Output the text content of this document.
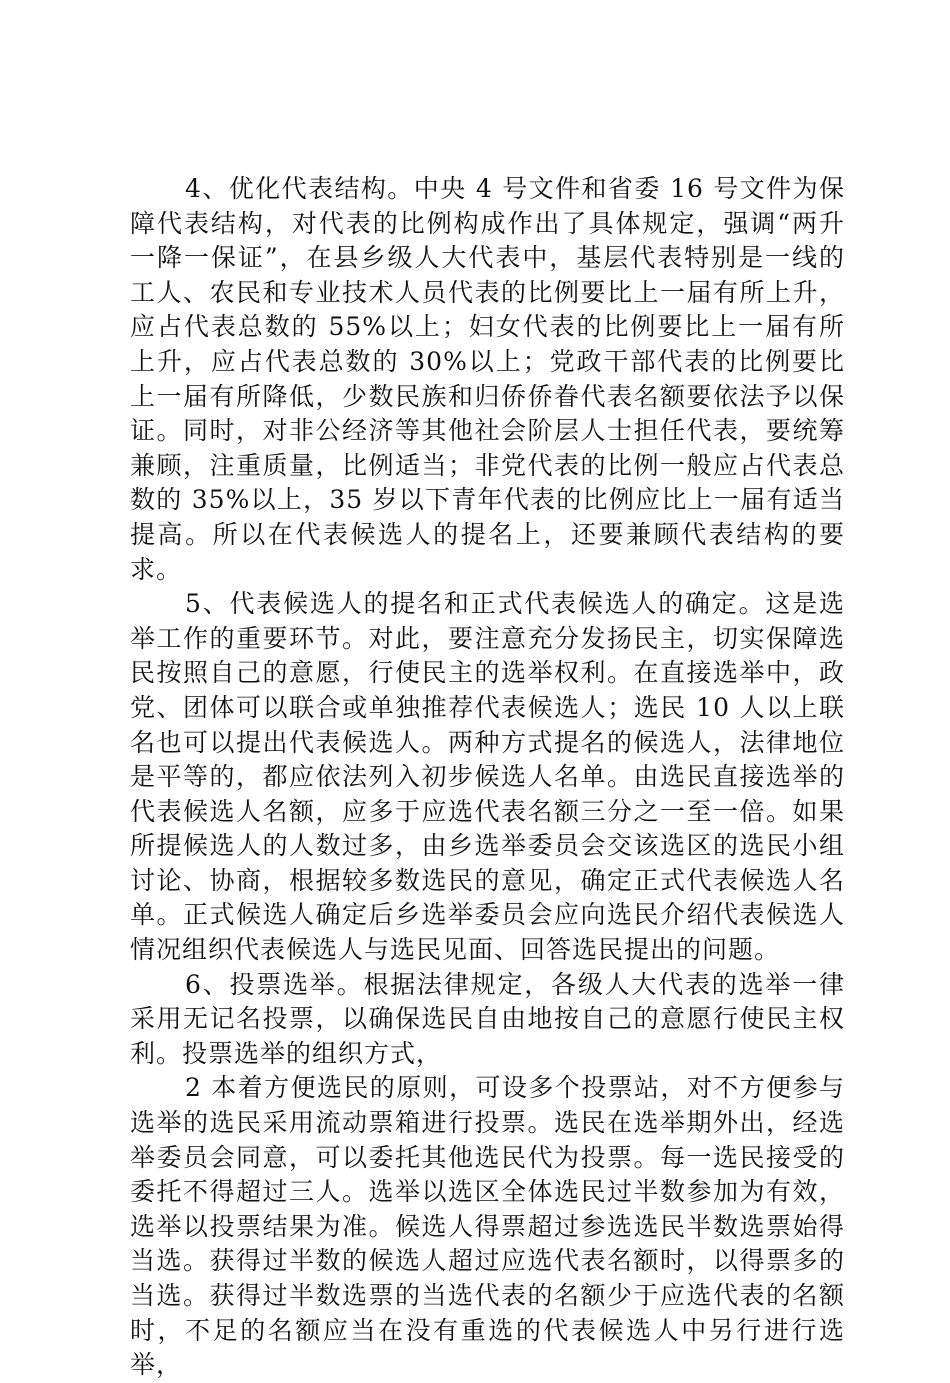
4、优化代表结构。中央 4 号文件和省委 16 号文件为保障代表结构，对代表的比例构成作出了具体规定，强调“两升一降一保证”，在县乡级人大代表中，基层代表特别是一线的工人、农民和专业技术人员代表的比例要比上一届有所上升，应占代表总数的 55%以上；妇女代表的比例要比上一届有所上升，应占代表总数的 30%以上；党政干部代表的比例要比上一届有所降低，少数民族和归侨侨眷代表名额要依法予以保证。同时，对非公经济等其他社会阶层人士担任代表，要统筹兼顾，注重质量，比例适当；非党代表的比例一般应占代表总数的 35%以上，35 岁以下青年代表的比例应比上一届有适当提高。所以在代表候选人的提名上，还要兼顾代表结构的要求。

5、代表候选人的提名和正式代表候选人的确定。这是选举工作的重要环节。对此，要注意充分发扬民主，切实保障选民按照自己的意愿，行使民主的选举权利。在直接选举中，政党、团体可以联合或单独推荐代表候选人；选民 10 人以上联名也可以提出代表候选人。两种方式提名的候选人，法律地位是平等的，都应依法列入初步候选人名单。由选民直接选举的代表候选人名额，应多于应选代表名额三分之一至一倍。如果所提候选人的人数过多，由乡选举委员会交该选区的选民小组讨论、协商，根据较多数选民的意见，确定正式代表候选人名单。正式候选人确定后乡选举委员会应向选民介绍代表候选人情况组织代表候选人与选民见面、回答选民提出的问题。

6、投票选举。根据法律规定，各级人大代表的选举一律采用无记名投票，以确保选民自由地按自己的意愿行使民主权利。投票选举的组织方式，

2 本着方便选民的原则，可设多个投票站，对不方便参与选举的选民采用流动票箱进行投票。选民在选举期外出，经选举委员会同意，可以委托其他选民代为投票。每一选民接受的委托不得超过三人。选举以选区全体选民过半数参加为有效，选举以投票结果为准。候选人得票超过参选选民半数选票始得当选。获得过半数的候选人超过应选代表名额时，以得票多的当选。获得过半数选票的当选代表的名额少于应选代表的名额时，不足的名额应当在没有重选的代表候选人中另行进行选举，
